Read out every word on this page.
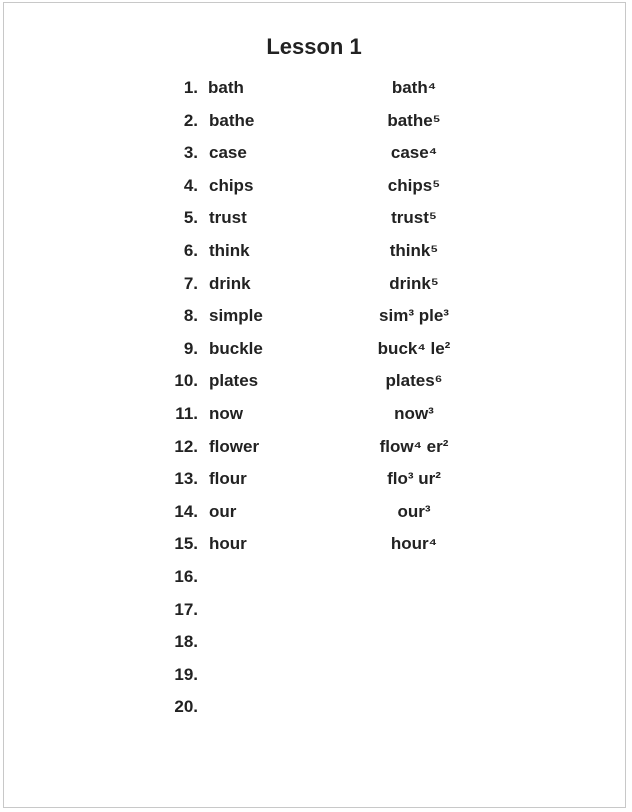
Lesson 1
1. bath	bath⁴
2. bathe	bathe⁵
3. case	case⁴
4. chips	chips⁵
5. trust	trust⁵
6. think	think⁵
7. drink	drink⁵
8. simple	sim³ ple³
9. buckle	buck⁴ le²
10. plates	plates⁶
11. now	now³
12. flower	flow⁴ er²
13. flour	flo³ ur²
14. our	our³
15. hour	hour⁴
16.
17.
18.
19.
20.
